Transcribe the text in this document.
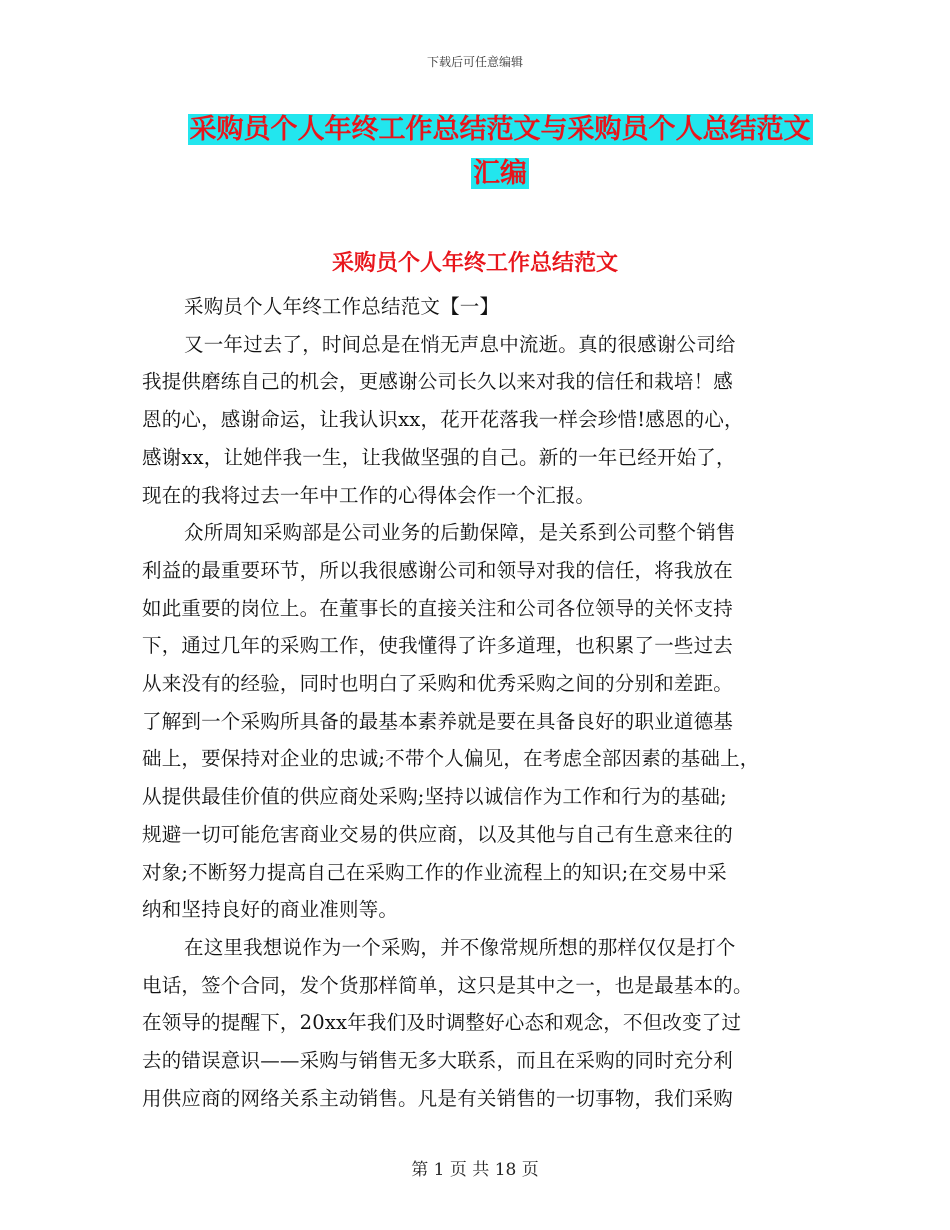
下载后可任意编辑
采购员个人年终工作总结范文与采购员个人总结范文
汇编
采购员个人年终工作总结范文
采购员个人年终工作总结范文【一】
又一年过去了，时间总是在悄无声息中流逝。真的很感谢公司给
我提供磨练自己的机会，更感谢公司长久以来对我的信任和栽培！感
恩的心，感谢命运，让我认识xx，花开花落我一样会珍惜!感恩的心，
感谢xx，让她伴我一生，让我做坚强的自己。新的一年已经开始了，
现在的我将过去一年中工作的心得体会作一个汇报。
众所周知采购部是公司业务的后勤保障，是关系到公司整个销售
利益的最重要环节，所以我很感谢公司和领导对我的信任，将我放在
如此重要的岗位上。在董事长的直接关注和公司各位领导的关怀支持
下，通过几年的采购工作，使我懂得了许多道理，也积累了一些过去
从来没有的经验，同时也明白了采购和优秀采购之间的分别和差距。
了解到一个采购所具备的最基本素养就是要在具备良好的职业道德基
础上，要保持对企业的忠诚;不带个人偏见，在考虑全部因素的基础上，
从提供最佳价值的供应商处采购;坚持以诚信作为工作和行为的基础;
规避一切可能危害商业交易的供应商，以及其他与自己有生意来往的
对象;不断努力提高自己在采购工作的作业流程上的知识;在交易中采
纳和坚持良好的商业准则等。
在这里我想说作为一个采购，并不像常规所想的那样仅仅是打个
电话，签个合同，发个货那样简单，这只是其中之一，也是最基本的。
在领导的提醒下，20xx年我们及时调整好心态和观念，不但改变了过
去的错误意识——采购与销售无多大联系，而且在采购的同时充分利
用供应商的网络关系主动销售。凡是有关销售的一切事物，我们采购
第 1 页 共 18 页
